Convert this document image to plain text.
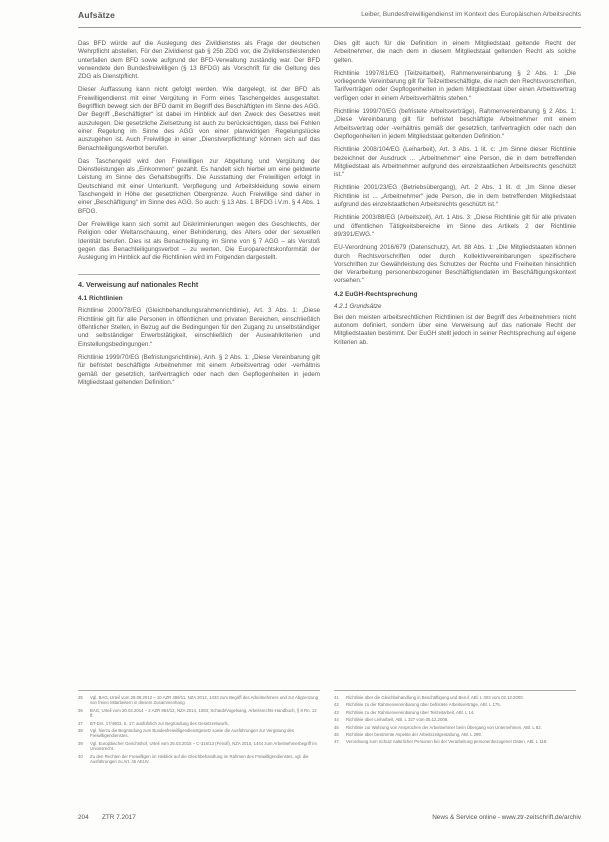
Aufsätze	Leiber, Bundesfreiwilligendienst im Kontext des Europäischen Arbeitsrechts

Das BFD würde auf die Auslegung des Zivildienstes als Frage der deutschen Wehrpflicht abstellen. Für den Zivildienst gab § 25b ZDG vor, die Zivildienstleistenden unterfallen dem BFD sowie aufgrund der BFD-Verwaltung zuständig war. Der BFD verwendete den Bundesfreiwilligen (§ 13 BFDG) als Vorschrift für die Geltung des ZDG als Dienstpflicht.

Dieser Auffassung kann nicht gefolgt werden. Wie dargelegt, ist der BFD als Freiwilligendienst mit einer Vergütung in Form eines Taschengeldes ausgestaltet. Begrifflich bewegt sich der BFD damit im Begriff des Beschäftigten im Sinne des AGG. Der Begriff „Beschäftigter“ ist dabei im Hinblick auf den Zweck des Gesetzes weit auszulegen. Die gesetzliche Zielsetzung ist auch zu berücksichtigen, dass bei Fehlen einer Regelung im Sinne des AGG von einer planwidrigen Regelungslücke auszugehen ist. Auch Freiwillige in einer „Dienstverpflichtung“ können sich auf das Benachteiligungsverbot berufen.

Das Taschengeld wird den Freiwilligen zur Abgeltung und Vergütung der Dienstleistungen als „Einkommen“ gezahlt. Es handelt sich hierbei um eine geldwerte Leistung im Sinne des Gehaltsbegriffs. Die Ausstattung der Freiwilligen erfolgt in Deutschland mit einer Unterkunft, Verpflegung und Arbeitskleidung sowie einem Taschengeld in Höhe der gesetzlichen Obergrenze. Auch Freiwillige sind daher in einer „Beschäftigung“ im Sinne des AGG. So auch: § 13 Abs. 1 BFDG i.V.m. § 4 Abs. 1 BFDG.

Der Freiwillige kann sich somit auf Diskriminierungen wegen des Geschlechts, der Religion oder Weltanschauung, einer Behinderung, des Alters oder der sexuellen Identität berufen. Dies ist als Benachteiligung im Sinne von § 7 AGG – als Verstoß gegen das Benachteiligungsverbot – zu werten. Die Europarechtskonformität der Auslegung im Hinblick auf die Richtlinien wird im Folgenden dargestellt.

4. Verweisung auf nationales Recht
4.1 Richtlinien

Richtlinie 2000/78/EG (Gleichbehandlungsrahmenrichtlinie), Art. 3 Abs. 1: „Diese Richtlinie gilt für alle Personen in öffentlichen und privaten Bereichen, einschließlich öffentlicher Stellen, in Bezug auf die Bedingungen für den Zugang zu unselbständiger und selbständiger Erwerbstätigkeit, einschließlich der Auswahlkriterien und Einstellungsbedingungen.“

Richtlinie 1999/70/EG (Befristungsrichtlinie), Anh. § 2 Abs. 1: „Diese Vereinbarung gilt für befristet beschäftigte Arbeitnehmer mit einem Arbeitsvertrag oder -verhältnis gemäß der gesetzlich, tarifvertraglich oder nach den Gepflogenheiten in jedem Mitgliedstaat geltenden Definition.“

35	Vgl. BAG, Urteil vom 29.08.2012 – 10 AZR 499/11, NZA 2012, 1433 zum Begriff des Arbeitnehmers und zur Abgrenzung von freien Mitarbeitern in diesem Zusammenhang.
36	BAG, Urteil vom 20.02.2014 – 2 AZR 864/12, NZA 2014, 1083; Schaub/Vogelsang, Arbeitsrechts-Handbuch, § 8 Rn. 12 ff.
37	BT-Drs. 17/4803, S. 17; ausführlich zur Begründung des Gesetzentwurfs.
38	Vgl. hierzu die Begründung zum Bundesfreiwilligendienstgesetz sowie die Ausführungen zur Vergütung des Freiwilligendienstes.
39	Vgl. Europäischer Gerichtshof, Urteil vom 26.03.2015 – C-316/13 (Fenoll), NZA 2015, 1444 zum Arbeitnehmerbegriff im Unionsrecht.
40	Zu den Rechten der Freiwilligen im Hinblick auf die Gleichbehandlung im Rahmen des Freiwilligendienstes, vgl. die Ausführungen zu Art. 45 AEUV.

Dies gilt auch für die Definition in einem Mitgliedstaat geltende Recht der Arbeitnehmer, die nach dem in diesem Mitgliedstaat geltenden Recht als solche gelten.

Richtlinie 1997/81/EG (Teilzeitarbeit), Rahmenvereinbarung § 2 Abs. 1: „Die vorliegende Vereinbarung gilt für Teilzeitbeschäftigte, die nach den Rechtsvorschriften, Tarifverträgen oder Gepflogenheiten in jedem Mitgliedstaat über einen Arbeitsvertrag verfügen oder in einem Arbeitsverhältnis stehen.“

Richtlinie 1999/70/EG (befristete Arbeitsverträge), Rahmenvereinbarung § 2 Abs. 1: „Diese Vereinbarung gilt für befristet beschäftigte Arbeitnehmer mit einem Arbeitsvertrag oder -verhältnis gemäß der gesetzlich, tarifvertraglich oder nach den Gepflogenheiten in jedem Mitgliedstaat geltenden Definition.“

Richtlinie 2008/104/EG (Leiharbeit), Art. 3 Abs. 1 lit. c: „Im Sinne dieser Richtlinie bezeichnet der Ausdruck ... „Arbeitnehmer“ eine Person, die in dem betreffenden Mitgliedstaat als Arbeitnehmer aufgrund des einzelstaatlichen Arbeitsrechts geschützt ist.“

Richtlinie 2001/23/EG (Betriebsübergang), Art. 2 Abs. 1 lit. d: „Im Sinne dieser Richtlinie ist ... „Arbeitnehmer“ jede Person, die in dem betreffenden Mitgliedstaat aufgrund des einzelstaatlichen Arbeitsrechts geschützt ist.“

Richtlinie 2003/88/EG (Arbeitszeit), Art. 1 Abs. 3: „Diese Richtlinie gilt für alle privaten und öffentlichen Tätigkeitsbereiche im Sinne des Artikels 2 der Richtlinie 89/391/EWG.“

EU-Verordnung 2016/679 (Datenschutz), Art. 88 Abs. 1: „Die Mitgliedstaaten können durch Rechtsvorschriften oder durch Kollektivvereinbarungen spezifischere Vorschriften zur Gewährleistung des Schutzes der Rechte und Freiheiten hinsichtlich der Verarbeitung personenbezogener Beschäftigtendaten im Beschäftigungskontext vorsehen.“

4.2 EuGH-Rechtsprechung
4.2.1 Grundsätze

Bei den meisten arbeitsrechtlichen Richtlinien ist der Begriff des Arbeitnehmers nicht autonom definiert, sondern über eine Verweisung auf das nationale Recht der Mitgliedstaaten bestimmt. Der EuGH stellt jedoch in seiner Rechtsprechung auf eigene Kriterien ab.

41	Richtlinie über die Gleichbehandlung in Beschäftigung und Beruf, ABl. L 303 vom 02.12.2000.
42	Richtlinie zu der Rahmenvereinbarung über befristete Arbeitsverträge, ABl. L 175.
43	Richtlinie zu der Rahmenvereinbarung über Teilzeitarbeit, ABl. L 14.
44	Richtlinie über Leiharbeit, ABl. L 327 vom 05.12.2008.
45	Richtlinie zur Wahrung von Ansprüchen der Arbeitnehmer beim Übergang von Unternehmen, ABl. L 82.
46	Richtlinie über bestimmte Aspekte der Arbeitszeitgestaltung, ABl. L 299.
47	Verordnung zum Schutz natürlicher Personen bei der Verarbeitung personenbezogener Daten, ABl. L 119.
204 ZTR 7.2017	News & Service online - www.ztr-zeitschrift.de/archiv
